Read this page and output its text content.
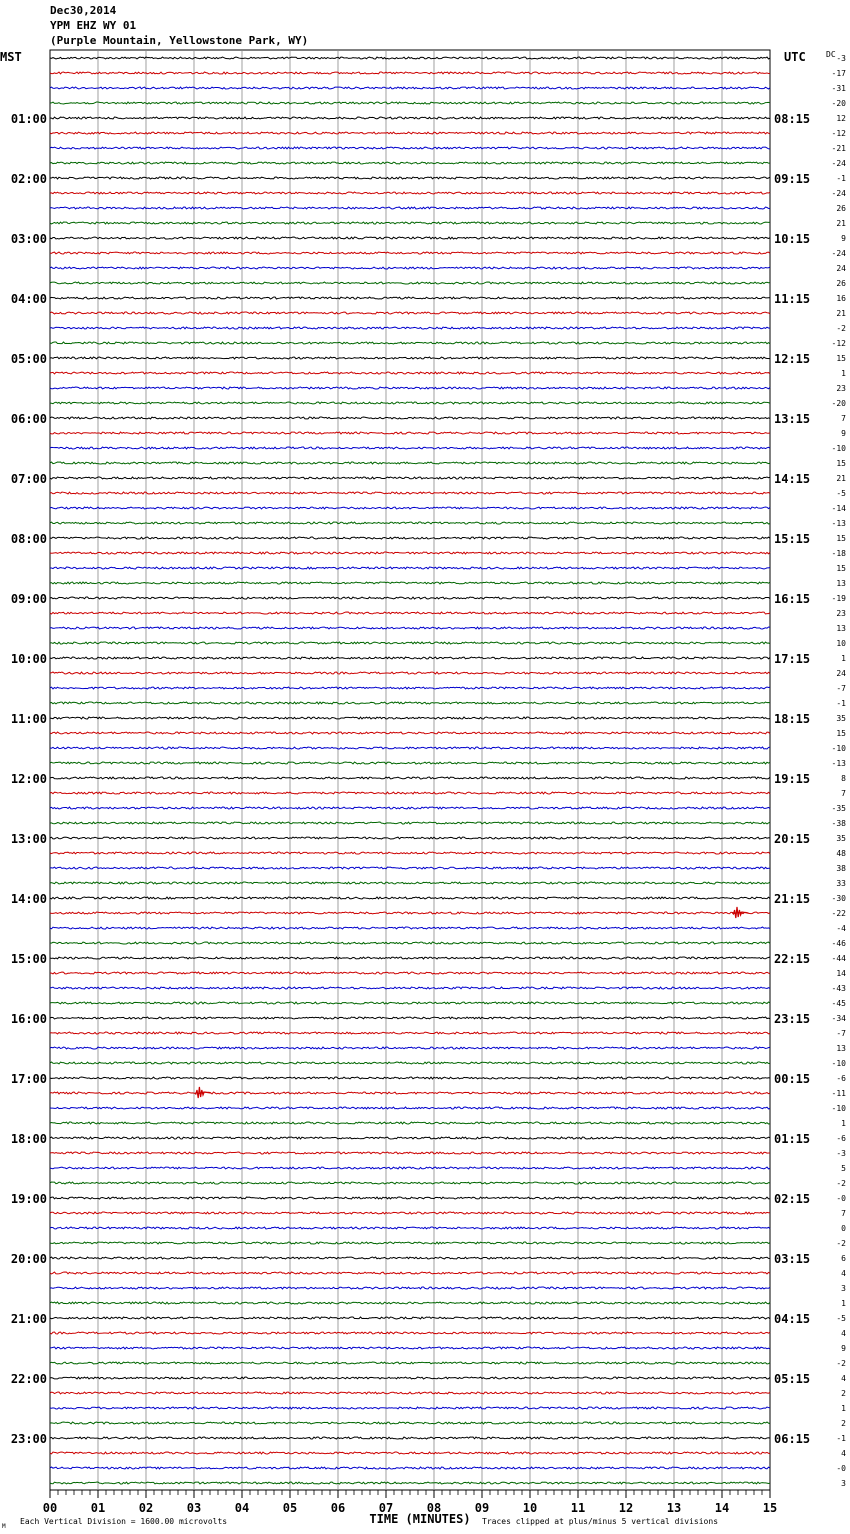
Dec30,2014
YPM EHZ WY 01
(Purple Mountain, Yellowstone Park, WY)
MST	UTC
01:00	08:15
02:00	09:15
03:00	10:15
04:00	11:15
05:00	12:15
06:00	13:15
07:00	14:15
08:00	15:15
09:00	16:15
10:00	17:15
11:00	18:15
12:00	19:15
13:00	20:15
14:00	21:15
15:00	22:15
16:00	23:15
17:00	00:15
18:00	01:15
19:00	02:15
20:00	03:15
21:00	04:15
22:00	05:15
23:00	06:15
DC -3
-17
-31
-20
12
-12
-21
-24
-1
-24
26
21
9
-24
24
26
16
21
-2
-12
15
1
23
-20
7
9
-10
15
21
-5
-14
-13
15
-18
15
13
-19
23
13
10
1
24
-7
-1
35
15
-10
-13
8
7
-35
-38
35
48
38
33
-30
-22
-4
-46
-44
14
-43
-45
-34
-7
13
-10
-6
-11
-10
1
-6
-3
5
-2
-0
7
0
-2
6
4
3
1
-5
4
9
-2
4
2
1
2
-1
4
-0
3
00	01	02	03	04	05	06	07	08	09	10	11	12	13	14	15
TIME (MINUTES)
Each Vertical Division = 1600.00 microvolts	Traces clipped at plus/minus 5 vertical divisions
M
